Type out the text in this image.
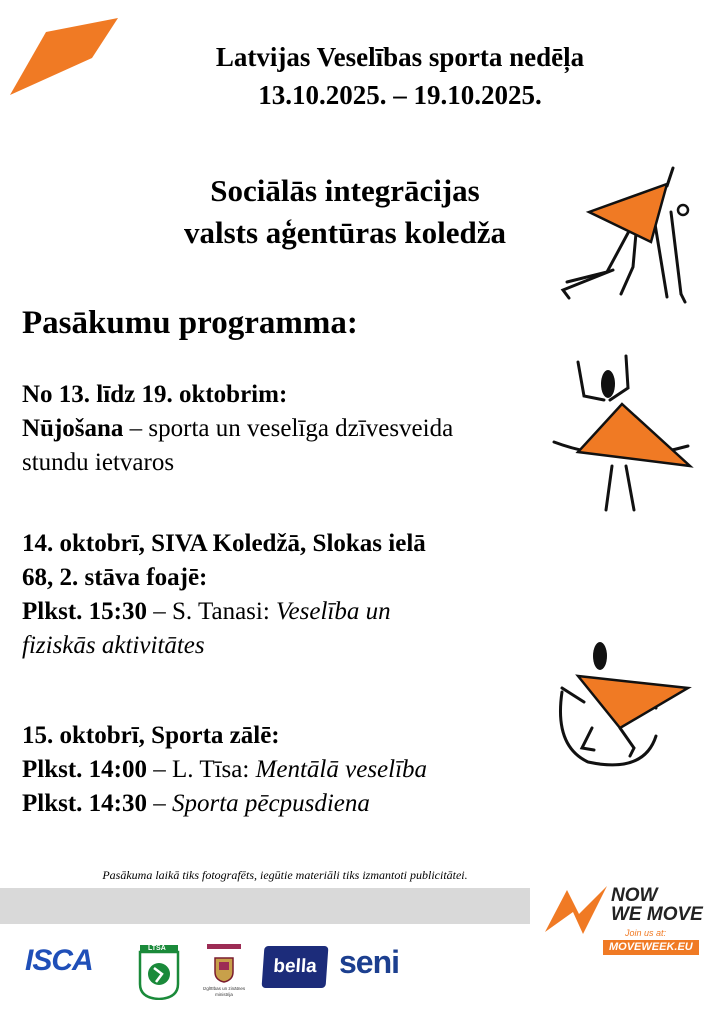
Latvijas Veselības sporta nedēļa
13.10.2025. – 19.10.2025.
Sociālās integrācijas
valsts aģentūras koledža
Pasākumu programma:
No 13. līdz 19. oktobrim:
Nūjošana – sporta un veselīga dzīvesveida
stundu ietvaros
14. oktobrī, SIVA Koledžā, Slokas ielā
68, 2. stāva foajē:
Plkst. 15:30 – S. Tanasi: Veselība un
fiziskās aktivitātes
15. oktobrī, Sporta zālē:
Plkst. 14:00 – L. Tīsa: Mentālā veselība
Plkst. 14:30 – Sporta pēcpusdiena
Pasākuma laikā tiks fotografēts, iegūtie materiāli tiks izmantoti publicitātei.
NOW
WE MOVE
Join us at:
MOVEWEEK.EU
ISCA	LTSA
Izglītības un zinātnes ministrija
bella seni
